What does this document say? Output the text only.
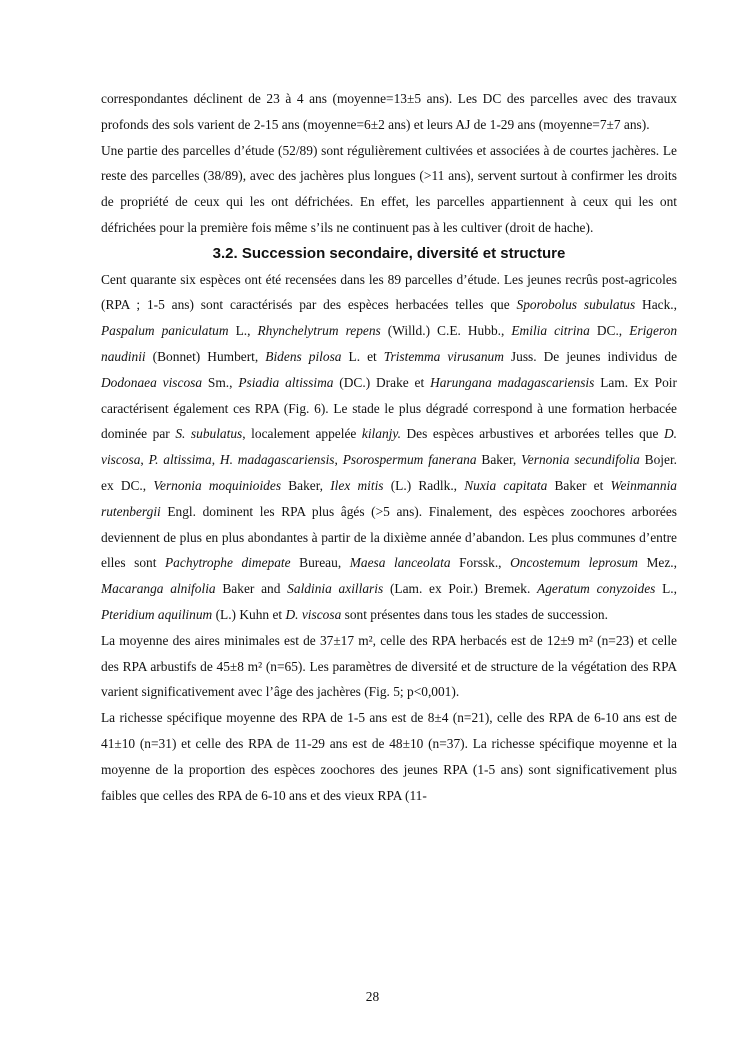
correspondantes déclinent de 23 à 4 ans (moyenne=13±5 ans). Les DC des parcelles avec des travaux profonds des sols varient de 2-15 ans (moyenne=6±2 ans) et leurs AJ de 1-29 ans (moyenne=7±7 ans).

Une partie des parcelles d’étude (52/89) sont régulièrement cultivées et associées à de courtes jachères. Le reste des parcelles (38/89), avec des jachères plus longues (>11 ans), servent surtout à confirmer les droits de propriété de ceux qui les ont défrichées. En effet, les parcelles appartiennent à ceux qui les ont défrichées pour la première fois même s’ils ne continuent pas à les cultiver (droit de hache).

3.2. Succession secondaire, diversité et structure

Cent quarante six espèces ont été recensées dans les 89 parcelles d’étude. Les jeunes recrûs post-agricoles (RPA ; 1-5 ans) sont caractérisés par des espèces herbacées telles que Sporobolus subulatus Hack., Paspalum paniculatum L., Rhynchelytrum repens (Willd.) C.E. Hubb., Emilia citrina DC., Erigeron naudinii (Bonnet) Humbert, Bidens pilosa L. et Tristemma virusanum Juss. De jeunes individus de Dodonaea viscosa Sm., Psiadia altissima (DC.) Drake et Harungana madagascariensis Lam. Ex Poir caractérisent également ces RPA (Fig. 6). Le stade le plus dégradé correspond à une formation herbacée dominée par S. subulatus, localement appelée kilanjy. Des espèces arbustives et arborées telles que D. viscosa, P. altissima, H. madagascariensis, Psorospermum fanerana Baker, Vernonia secundifolia Bojer. ex DC., Vernonia moquinioides Baker, Ilex mitis (L.) Radlk., Nuxia capitata Baker et Weinmannia rutenbergii Engl. dominent les RPA plus âgés (>5 ans). Finalement, des espèces zoochores arborées deviennent de plus en plus abondantes à partir de la dixième année d’abandon. Les plus communes d’entre elles sont Pachytrophe dimepate Bureau, Maesa lanceolata Forssk., Oncostemum leprosum Mez., Macaranga alnifolia Baker and Saldinia axillaris (Lam. ex Poir.) Bremek. Ageratum conyzoides L., Pteridium aquilinum (L.) Kuhn et D. viscosa sont présentes dans tous les stades de succession.

La moyenne des aires minimales est de 37±17 m², celle des RPA herbacés est de 12±9 m² (n=23) et celle des RPA arbustifs de 45±8 m² (n=65). Les paramètres de diversité et de structure de la végétation des RPA varient significativement avec l’âge des jachères (Fig. 5; p<0,001).

La richesse spécifique moyenne des RPA de 1-5 ans est de 8±4 (n=21), celle des RPA de 6-10 ans est de 41±10 (n=31) et celle des RPA de 11-29 ans est de 48±10 (n=37). La richesse spécifique moyenne et la moyenne de la proportion des espèces zoochores des jeunes RPA (1-5 ans) sont significativement plus faibles que celles des RPA de 6-10 ans et des vieux RPA (11-

28
